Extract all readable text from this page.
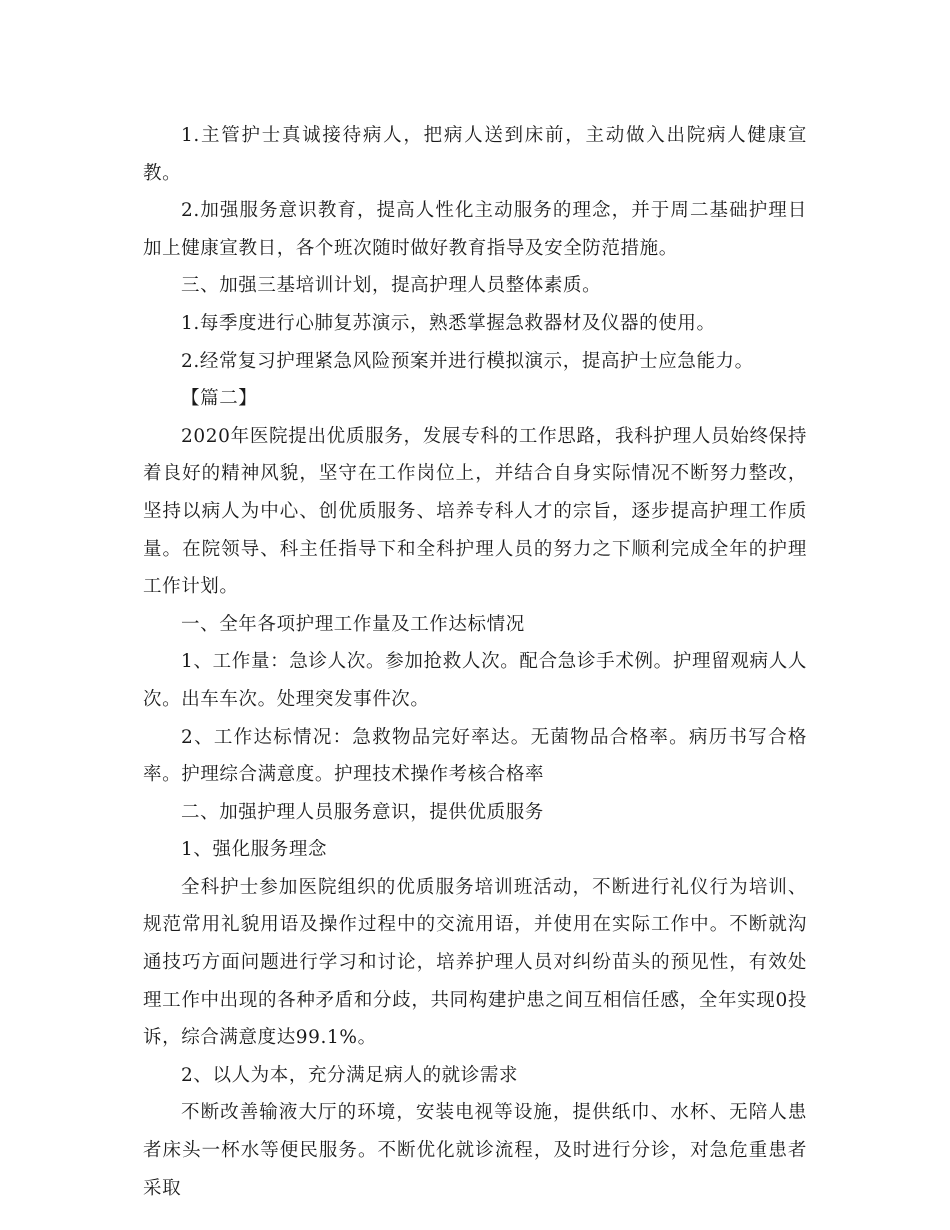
1.主管护士真诚接待病人，把病人送到床前，主动做入出院病人健康宣教。

2.加强服务意识教育，提高人性化主动服务的理念，并于周二基础护理日加上健康宣教日，各个班次随时做好教育指导及安全防范措施。

三、加强三基培训计划，提高护理人员整体素质。

1.每季度进行心肺复苏演示，熟悉掌握急救器材及仪器的使用。

2.经常复习护理紧急风险预案并进行模拟演示，提高护士应急能力。

【篇二】

2020年医院提出优质服务，发展专科的工作思路，我科护理人员始终保持着良好的精神风貌，坚守在工作岗位上，并结合自身实际情况不断努力整改，坚持以病人为中心、创优质服务、培养专科人才的宗旨，逐步提高护理工作质量。在院领导、科主任指导下和全科护理人员的努力之下顺利完成全年的护理工作计划。

一、全年各项护理工作量及工作达标情况

1、工作量：急诊人次。参加抢救人次。配合急诊手术例。护理留观病人人次。出车车次。处理突发事件次。

2、工作达标情况：急救物品完好率达。无菌物品合格率。病历书写合格率。护理综合满意度。护理技术操作考核合格率

二、加强护理人员服务意识，提供优质服务

1、强化服务理念

全科护士参加医院组织的优质服务培训班活动，不断进行礼仪行为培训、规范常用礼貌用语及操作过程中的交流用语，并使用在实际工作中。不断就沟通技巧方面问题进行学习和讨论，培养护理人员对纠纷苗头的预见性，有效处理工作中出现的各种矛盾和分歧，共同构建护患之间互相信任感，全年实现0投诉，综合满意度达99.1%。

2、以人为本，充分满足病人的就诊需求

不断改善输液大厅的环境，安装电视等设施，提供纸巾、水杯、无陪人患者床头一杯水等便民服务。不断优化就诊流程，及时进行分诊，对急危重患者采取
